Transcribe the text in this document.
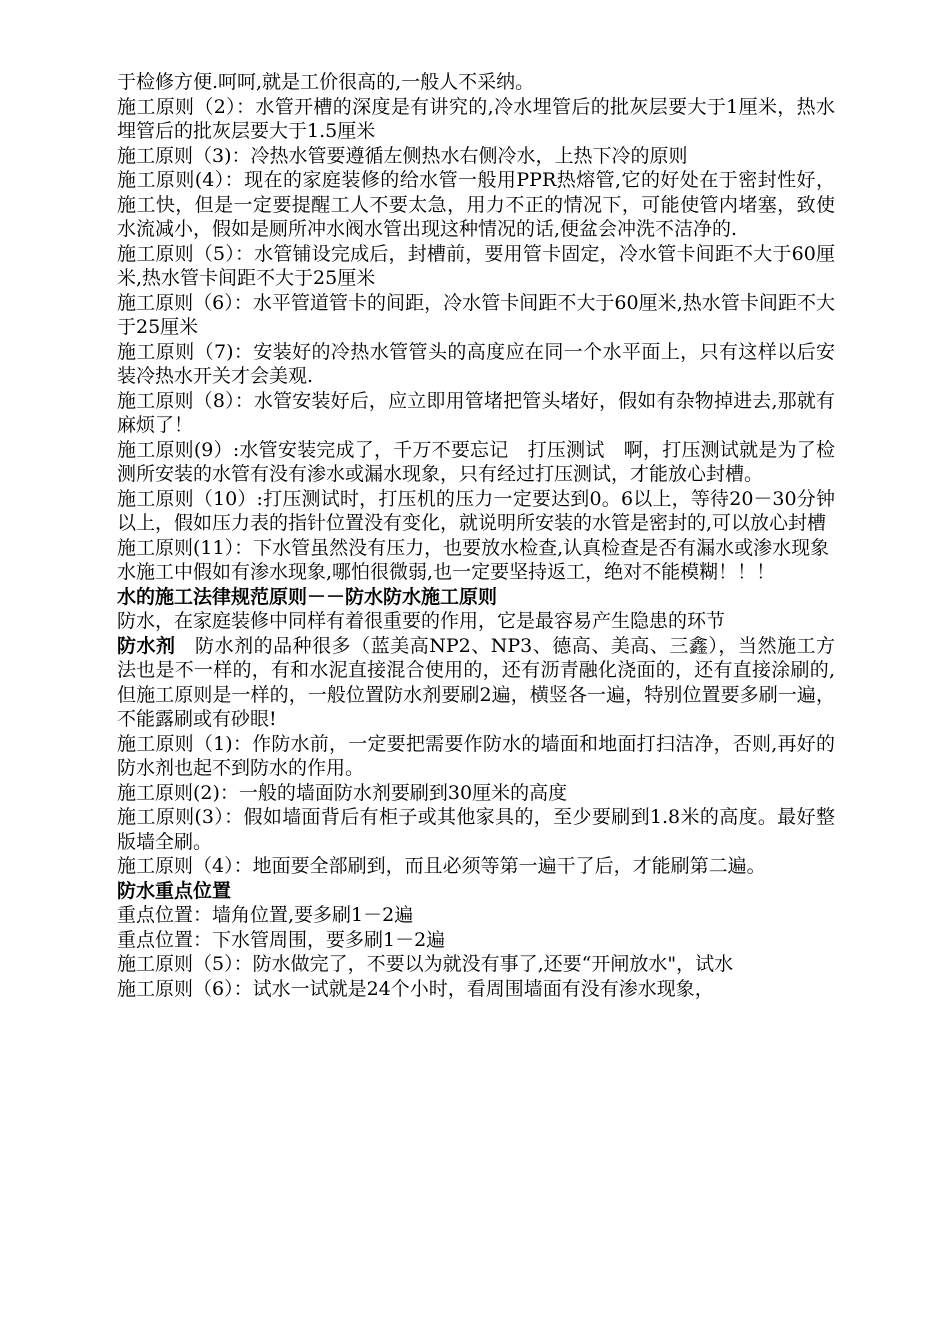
于检修方便.呵呵,就是工价很高的,一般人不采纳。

施工原则（2）：水管开槽的深度是有讲究的,冷水埋管后的批灰层要大于1厘米，热水埋管后的批灰层要大于1.5厘米

施工原则（3)：冷热水管要遵循左侧热水右侧冷水，上热下冷的原则

施工原则(4）：现在的家庭装修的给水管一般用PPR热熔管,它的好处在于密封性好，施工快，但是一定要提醒工人不要太急，用力不正的情况下，可能使管内堵塞，致使水流减小，假如是厕所冲水阀水管出现这种情况的话,便盆会冲洗不洁净的.

施工原则（5）：水管铺设完成后，封槽前，要用管卡固定，冷水管卡间距不大于60厘米,热水管卡间距不大于25厘米

施工原则（6）：水平管道管卡的间距，冷水管卡间距不大于60厘米,热水管卡间距不大于25厘米

施工原则（7)：安装好的冷热水管管头的高度应在同一个水平面上，只有这样以后安装冷热水开关才会美观.

施工原则（8）：水管安装好后，应立即用管堵把管头堵好，假如有杂物掉进去,那就有麻烦了！

施工原则(9）:水管安装完成了，千万不要忘记　打压测试　啊，打压测试就是为了检测所安装的水管有没有渗水或漏水现象，只有经过打压测试，才能放心封槽。

施工原则（10）:打压测试时，打压机的压力一定要达到0。6以上，等待20－30分钟以上，假如压力表的指针位置没有变化，就说明所安装的水管是密封的,可以放心封槽

施工原则(11）：下水管虽然没有压力，也要放水检查,认真检查是否有漏水或渗水现象

水施工中假如有渗水现象,哪怕很微弱,也一定要坚持返工，绝对不能模糊！！！

水的施工法律规范原则－－防水防水施工原则

防水，在家庭装修中同样有着很重要的作用，它是最容易产生隐患的环节

防水剂　防水剂的品种很多（蓝美高NP2、NP3、德高、美高、三鑫），当然施工方法也是不一样的，有和水泥直接混合使用的，还有沥青融化浇面的，还有直接涂刷的,但施工原则是一样的，一般位置防水剂要刷2遍，横竖各一遍，特别位置要多刷一遍，不能露刷或有砂眼!

施工原则（1)：作防水前，一定要把需要作防水的墙面和地面打扫洁净，否则,再好的防水剂也起不到防水的作用。

施工原则(2)：一般的墙面防水剂要刷到30厘米的高度

施工原则(3）：假如墙面背后有柜子或其他家具的，至少要刷到1.8米的高度。最好整版墙全刷。

施工原则（4）：地面要全部刷到，而且必须等第一遍干了后，才能刷第二遍。

防水重点位置

重点位置：墙角位置,要多刷1－2遍

重点位置：下水管周围，要多刷1－2遍

施工原则（5）：防水做完了，不要以为就没有事了,还要“开闸放水"，试水

施工原则（6）：试水一试就是24个小时，看周围墙面有没有渗水现象，
